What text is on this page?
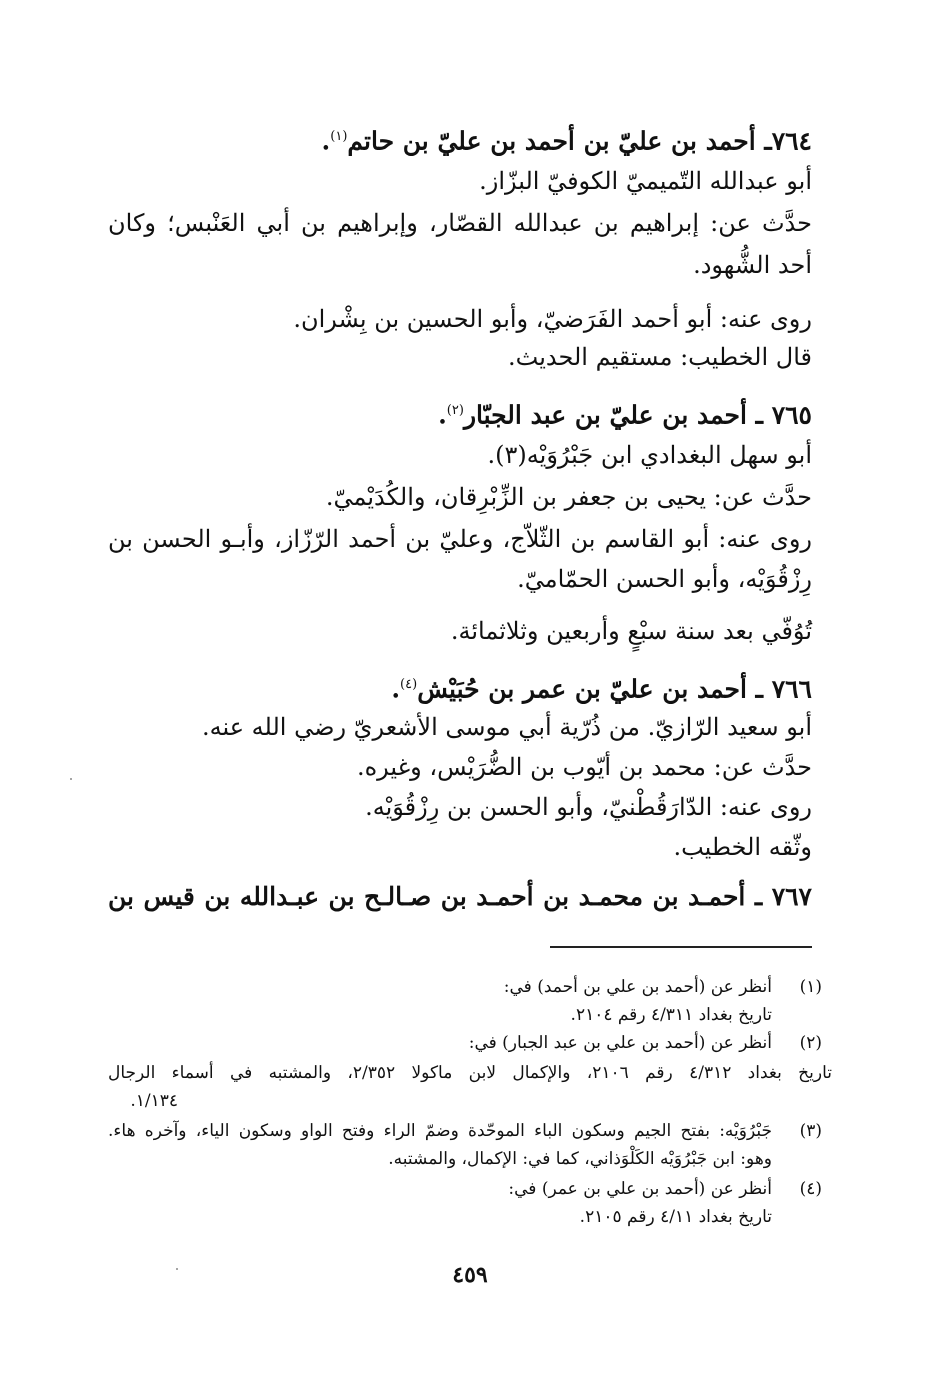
٧٦٤ـ أحمد بن عليّ بن أحمد بن عليّ بن حاتم$^{(١)}$.
أبو عبدالله التّميميّ الكوفيّ البزّاز.
حدَّث عن: إبراهيم بن عبدالله القصّار، وإبراهيم بن أبي العَنْبس؛ وكان
أحد الشُّهود.
روى عنه: أبو أحمد الفَرَضيّ، وأبو الحسين بن بِشْران.
قال الخطيب: مستقيم الحديث.
٧٦٥ ـ أحمد بن عليّ بن عبد الجبّار$^{(٢)}$.
أبو سهل البغدادي ابن جَبْرُوَيْه(٣).
حدَّث عن: يحيى بن جعفر بن الزِّبْرِقان، والكُدَيْميّ.
روى عنه: أبو القاسم بن الثّلاّج، وعليّ بن أحمد الرّزّاز، وأبـو الحسن بن
رِزْقُوَيْه، وأبو الحسن الحمّاميّ.
تُوُفّي بعد سنة سبْعٍ وأربعين وثلاثمائة.
٧٦٦ ـ أحمد بن عليّ بن عمر بن حُبَيْش$^{(٤)}$.
أبو سعيد الرّازيّ. من ذُرّية أبي موسى الأشعريّ رضي الله عنه.
حدَّث عن: محمد بن أيّوب بن الضُّرَيْس، وغيره.
روى عنه: الدّارَقُطْنيّ، وأبو الحسن بن رِزْقُوَيْه.
وثّقه الخطيب.
٧٦٧ ـ أحمـد بن محمـد بن أحمـد بن صـالـح بن عبـدالله بن قيس بن
(١)
أنظر عن (أحمد بن علي بن أحمد) في:
تاريخ بغداد ٤/٣١١ رقم ٢١٠٤.
(٢)
أنظر عن (أحمد بن علي بن عبد الجبار) في:
تاريخ بغداد ٤/٣١٢ رقم ٢١٠٦، والإكمال لابن ماكولا ٢/٣٥٢، والمشتبه في أسماء الرجال
١/١٣٤.
(٣)
جَبْرُوَيْه: بفتح الجيم وسكون الباء الموحّدة وضمّ الراء وفتح الواو وسكون الياء، وآخره هاء.
وهو: ابن جَبْرُوَيْه الكَلْوَذاني، كما في: الإكمال، والمشتبه.
(٤)
أنظر عن (أحمد بن علي بن عمر) في:
تاريخ بغداد ٤/١١ رقم ٢١٠٥.
٤٥٩
